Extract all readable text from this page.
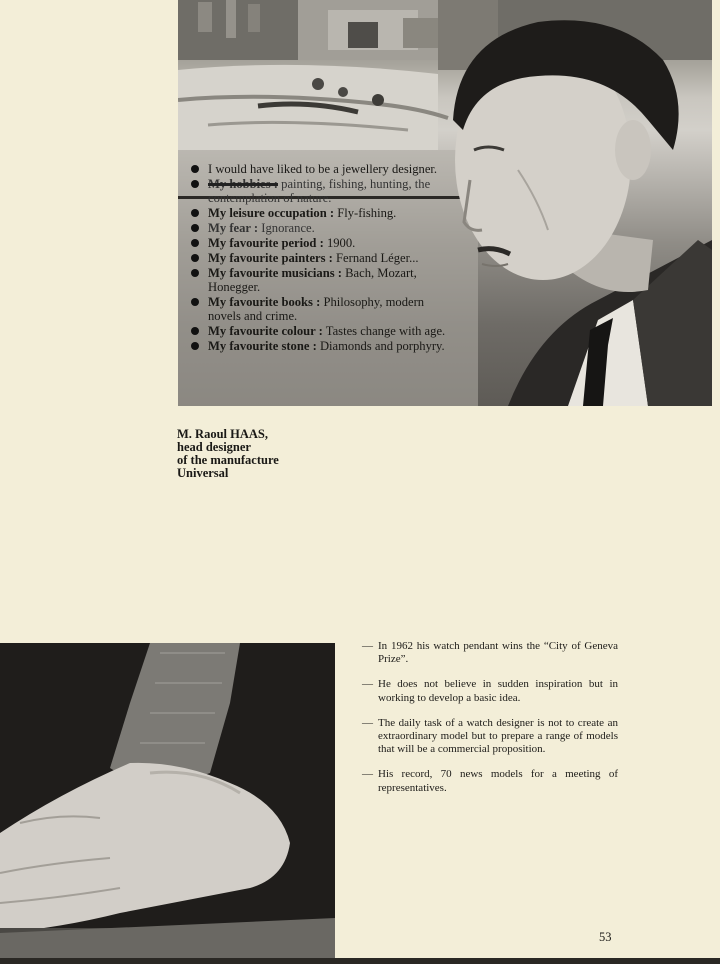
I would have liked to be a jewellery designer.
My hobbies : painting, fishing, hunting, the contemplation of nature.
My leisure occupation : Fly-fishing.
My fear : Ignorance.
My favourite period : 1900.
My favourite painters : Fernand Léger...
My favourite musicians : Bach, Mozart, Honegger.
My favourite books : Philosophy, modern novels and crime.
My favourite colour : Tastes change with age.
My favourite stone : Diamonds and porphyry.
M. Raoul HAAS,
head designer
of the manufacture
Universal
— In 1962 his watch pendant wins the “City of Geneva Prize”.
— He does not believe in sudden inspiration but in working to develop a basic idea.
— The daily task of a watch designer is not to create an extraordinary model but to prepare a range of models that will be a commercial proposition.
— His record, 70 news models for a meeting of representatives.
53
